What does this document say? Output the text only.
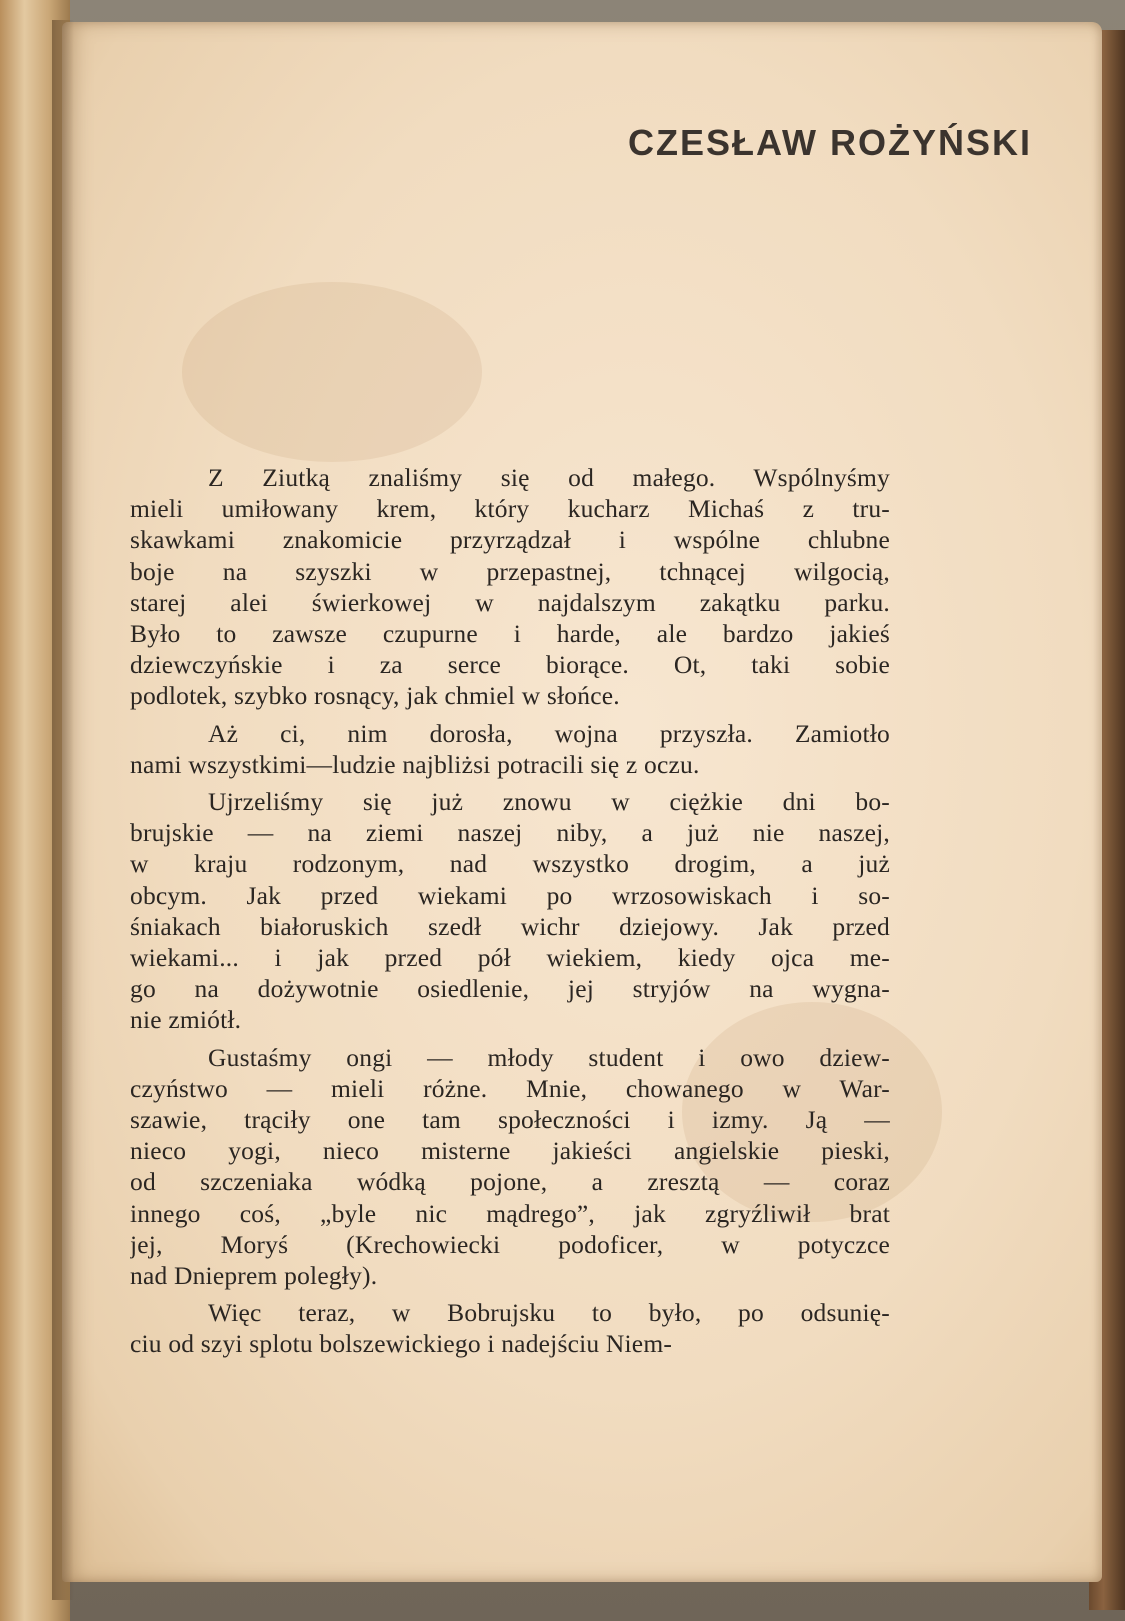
CZESŁAW ROŻYŃSKI
Z Ziutką znaliśmy się od małego. Wspólnyśmy
mieli umiłowany krem, który kucharz Michaś z tru-
skawkami znakomicie przyrządzał i wspólne chlubne
boje na szyszki w przepastnej, tchnącej wilgocią,
starej alei świerkowej w najdalszym zakątku parku.
Było to zawsze czupurne i harde, ale bardzo jakieś
dziewczyńskie i za serce biorące. Ot, taki sobie
podlotek, szybko rosnący, jak chmiel w słońce.
Aż ci, nim dorosła, wojna przyszła. Zamiotło
nami wszystkimi—ludzie najbliżsi potracili się z oczu.
Ujrzeliśmy się już znowu w ciężkie dni bo-
brujskie — na ziemi naszej niby, a już nie naszej,
w kraju rodzonym, nad wszystko drogim, a już
obcym. Jak przed wiekami po wrzosowiskach i so-
śniakach białoruskich szedł wichr dziejowy. Jak przed
wiekami... i jak przed pół wiekiem, kiedy ojca me-
go na dożywotnie osiedlenie, jej stryjów na wygna-
nie zmiótł.
Gustaśmy ongi — młody student i owo dziew-
czyństwo — mieli różne. Mnie, chowanego w War-
szawie, trąciły one tam społeczności i izmy. Ją —
nieco yogi, nieco misterne jakieści angielskie pieski,
od szczeniaka wódką pojone, a zresztą — coraz
innego coś, „byle nic mądrego”, jak zgryźliwił brat
jej, Moryś (Krechowiecki podoficer, w potyczce
nad Dnieprem poległy).
Więc teraz, w Bobrujsku to było, po odsunię-
ciu od szyi splotu bolszewickiego i nadejściu Niem-
